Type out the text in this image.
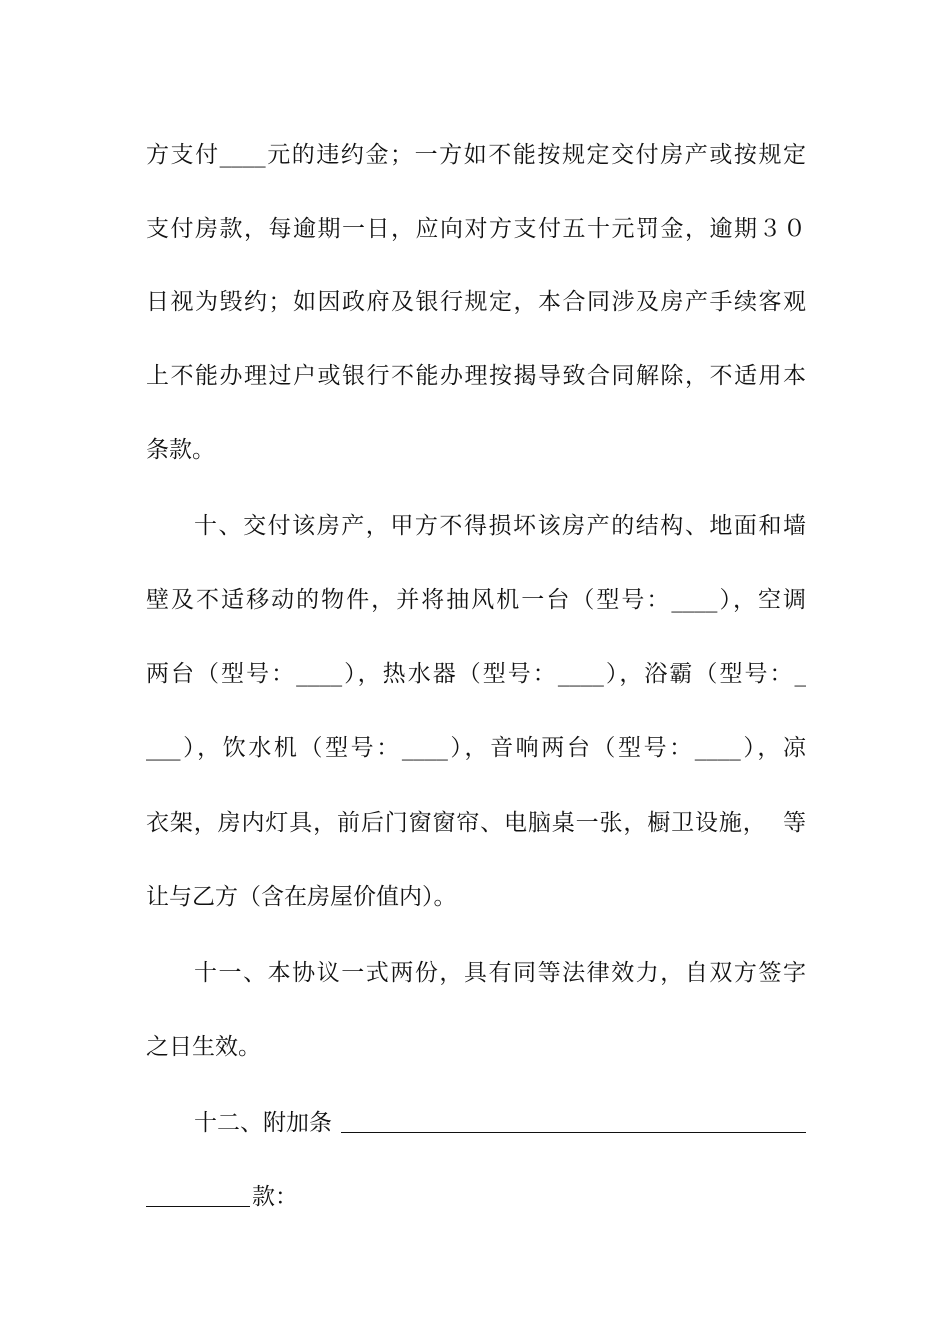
方支付____元的违约金；一方如不能按规定交付房产或按规定
支付房款，每逾期一日，应向对方支付五十元罚金，逾期３０
日视为毁约；如因政府及银行规定，本合同涉及房产手续客观
上不能办理过户或银行不能办理按揭导致合同解除，不适用本
条款。
十、交付该房产，甲方不得损坏该房产的结构、地面和墙
壁及不适移动的物件，并将抽风机一台（型号：____），空调
两台（型号：____），热水器（型号：____），浴霸（型号：_
___），饮水机（型号：____），音响两台（型号：____），凉
衣架，房内灯具，前后门窗窗帘、电脑桌一张，橱卫设施，  等
让与乙方（含在房屋价值内）。
十一、本协议一式两份，具有同等法律效力，自双方签字
之日生效。
十二、附加条
款：
